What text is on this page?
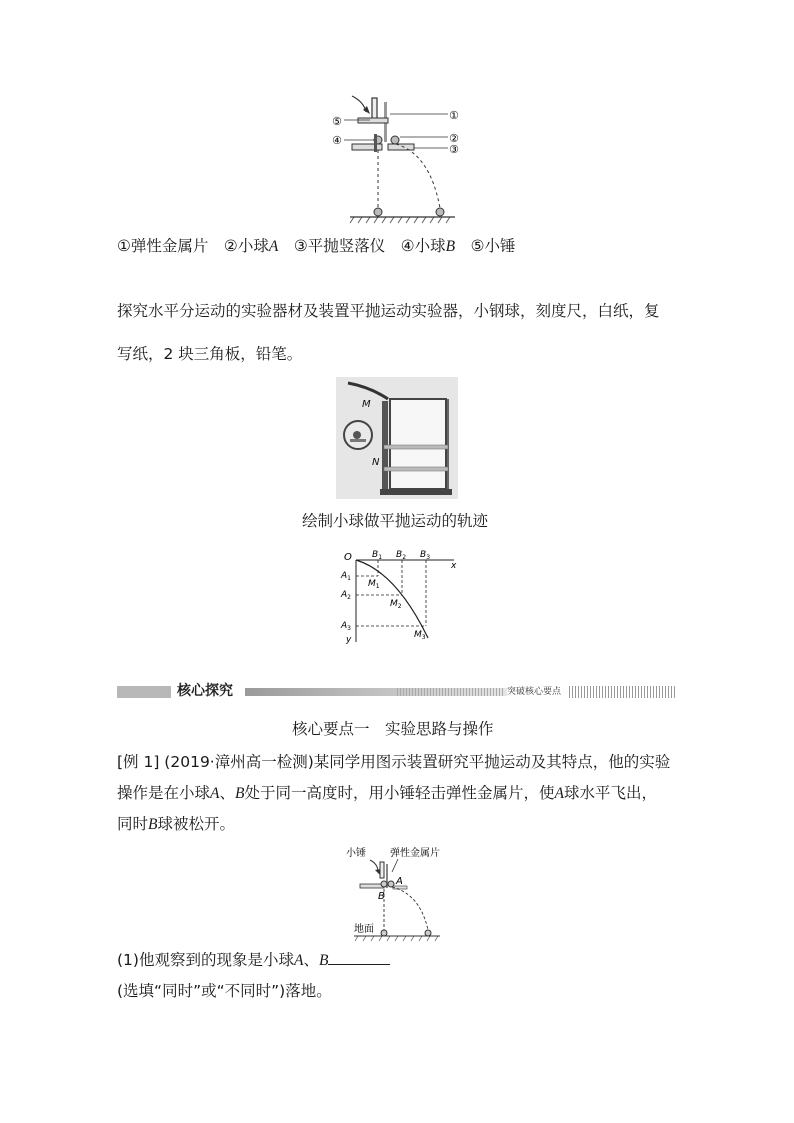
⑤	①
④	②
③
①弹性金属片　 ②小球A　 ③平抛竖落仪　 ④小球B　 ⑤小锤
探究水平分运动的实验器材及装置平抛运动实验器，小钢球，刻度尺，白纸，复
写纸，2 块三角板，铅笔。
M
N
绘制小球做平抛运动的轨迹
O
x
y
$B_1$ $B_2$ $B_3$
$A_1$
$A_2$
$A_3$
$M_1$
$M_2$
$M_3$
核心探究	突破核心要点
核心要点一　实验思路与操作
[例 1] (2019·漳州高一检测)某同学用图示装置研究平抛运动及其特点，他的实验
操作是在小球A、B处于同一高度时，用小锤轻击弹性金属片，使A球水平飞出，
同时B球被松开。
小锤 弹性金属片
A
B
地面
(1)他观察到的现象是小球A、B
(选填“同时”或“不同时”)落地。
